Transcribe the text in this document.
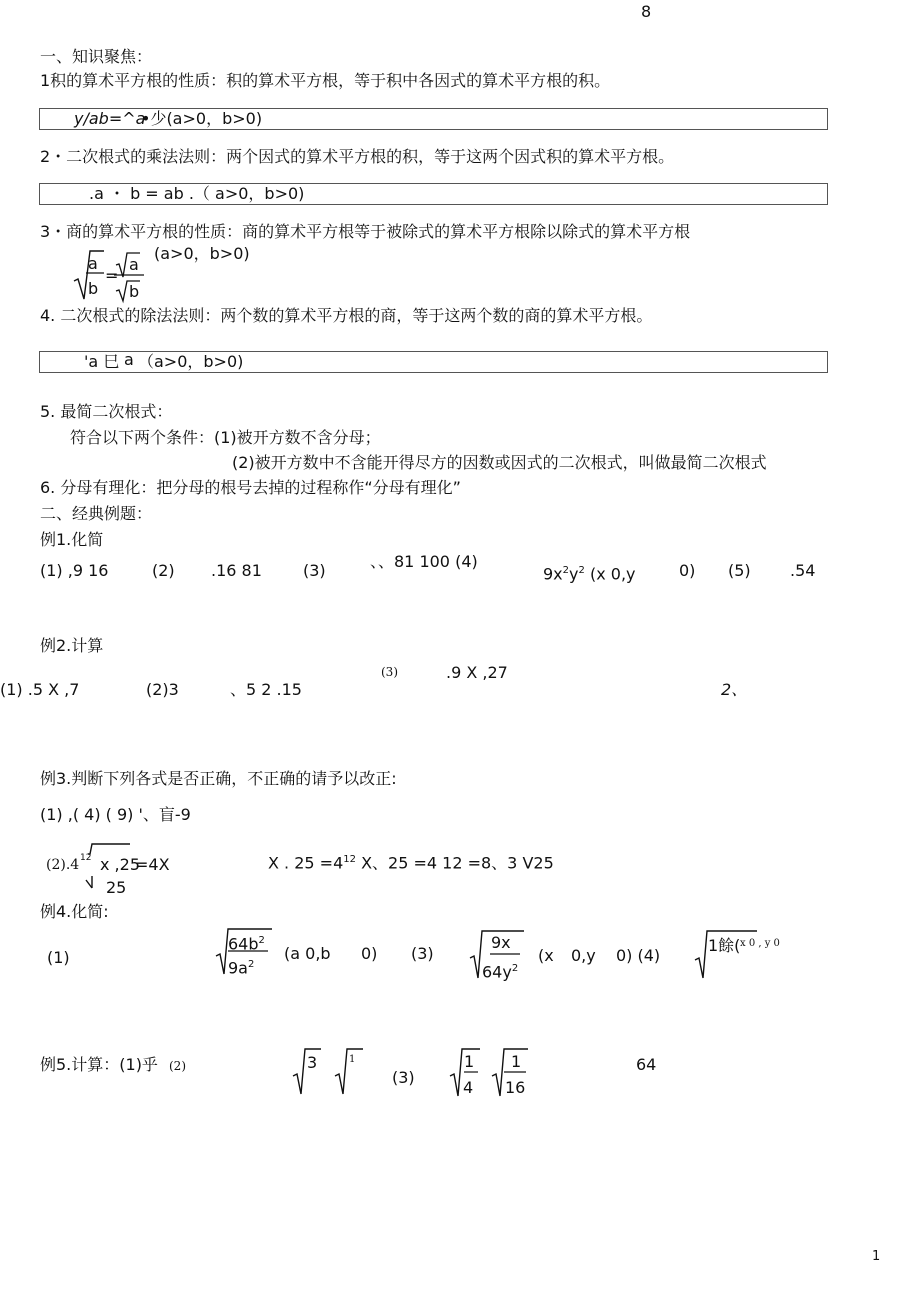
8
一、知识聚焦：
1积的算术平方根的性质：积的算术平方根，等于积中各因式的算术平方根的积。
y/ab=^a
•少(a>0，b>0)
2・二次根式的乘法法则：两个因式的算术平方根的积，等于这两个因式积的算术平方根。
.a ・ b = ab .（ a>0，b>0)
3・商的算术平方根的性质：商的算术平方根等于被除式的算术平方根除以除式的算术平方根
a
b
=
a
b
(a>0，b>0)
4. 二次根式的除法法则：两个数的算术平方根的商，等于这两个数的商的算术平方根。
'a 巳 a （a>0，b>0)
5. 最简二次根式：
符合以下两个条件：(1)被开方数不含分母；
(2)被开方数中不含能开得尽方的因数或因式的二次根式，叫做最简二次根式
6. 分母有理化：把分母的根号去掉的过程称作“分母有理化”
二、经典例题：
例1.化简
(1) ,9 16	(2) .16 81	(3)	、、81 100 (4)
$9x^2y^2$ (x 0,y	0) (5) .54
例2.计算
(3)	.9 X ,27
(1) .5 X ,7	(2)3	、5 2 .15	2、
例3.判断下列各式是否正确，不正确的请予以改正:
(1) ,( 4) ( 9) '、盲-9
(2).4 12 x ,25
=4X
25
X . $25 =4^{12}$ X、25 =4 12 =8、3 V25
例4.化简:
(1)
$64b^2$
$9a^2$
(a 0,b 0) (3)
9x
$64y^2$
(x 0,y 0) (4)
1餘( x 0 , y 0
例5.计算：(1)乎 (2)	3	1
(3)
1
4
1
16
64
1
